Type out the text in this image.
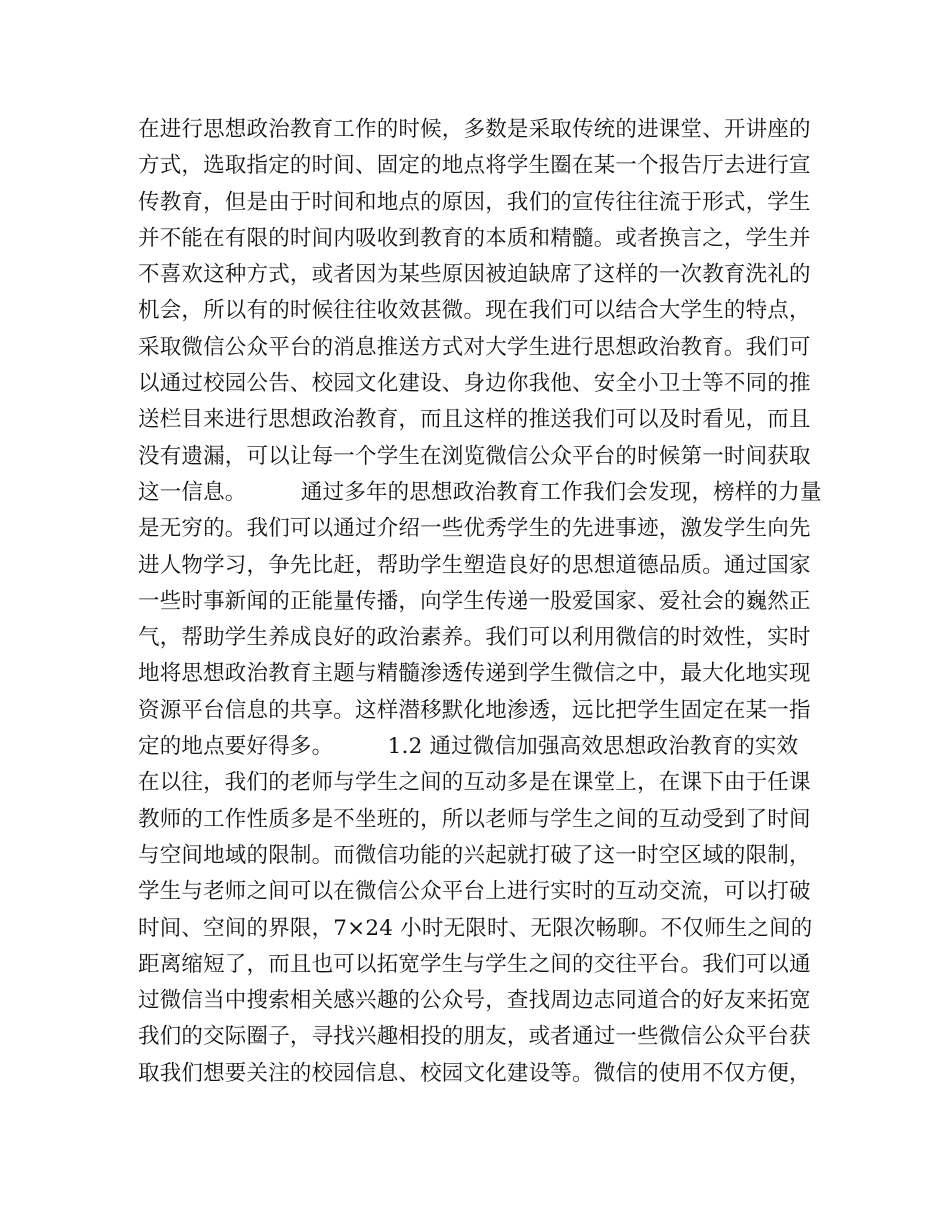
在进行思想政治教育工作的时候，多数是采取传统的进课堂、开讲座的
方式，选取指定的时间、固定的地点将学生圈在某一个报告厅去进行宣
传教育，但是由于时间和地点的原因，我们的宣传往往流于形式，学生
并不能在有限的时间内吸收到教育的本质和精髓。或者换言之，学生并
不喜欢这种方式，或者因为某些原因被迫缺席了这样的一次教育洗礼的
机会，所以有的时候往往收效甚微。现在我们可以结合大学生的特点，
采取微信公众平台的消息推送方式对大学生进行思想政治教育。我们可
以通过校园公告、校园文化建设、身边你我他、安全小卫士等不同的推
送栏目来进行思想政治教育，而且这样的推送我们可以及时看见，而且
没有遗漏，可以让每一个学生在浏览微信公众平台的时候第一时间获取
这一信息。　　　通过多年的思想政治教育工作我们会发现，榜样的力量
是无穷的。我们可以通过介绍一些优秀学生的先进事迹，激发学生向先
进人物学习，争先比赶，帮助学生塑造良好的思想道德品质。通过国家
一些时事新闻的正能量传播，向学生传递一股爱国家、爱社会的巍然正
气，帮助学生养成良好的政治素养。我们可以利用微信的时效性，实时
地将思想政治教育主题与精髓渗透传递到学生微信之中，最大化地实现
资源平台信息的共享。这样潜移默化地渗透，远比把学生固定在某一指
定的地点要好得多。　　　1.2 通过微信加强高效思想政治教育的实效
在以往，我们的老师与学生之间的互动多是在课堂上，在课下由于任课
教师的工作性质多是不坐班的，所以老师与学生之间的互动受到了时间
与空间地域的限制。而微信功能的兴起就打破了这一时空区域的限制，
学生与老师之间可以在微信公众平台上进行实时的互动交流，可以打破
时间、空间的界限，7×24 小时无限时、无限次畅聊。不仅师生之间的
距离缩短了，而且也可以拓宽学生与学生之间的交往平台。我们可以通
过微信当中搜索相关感兴趣的公众号，查找周边志同道合的好友来拓宽
我们的交际圈子，寻找兴趣相投的朋友，或者通过一些微信公众平台获
取我们想要关注的校园信息、校园文化建设等。微信的使用不仅方便，
